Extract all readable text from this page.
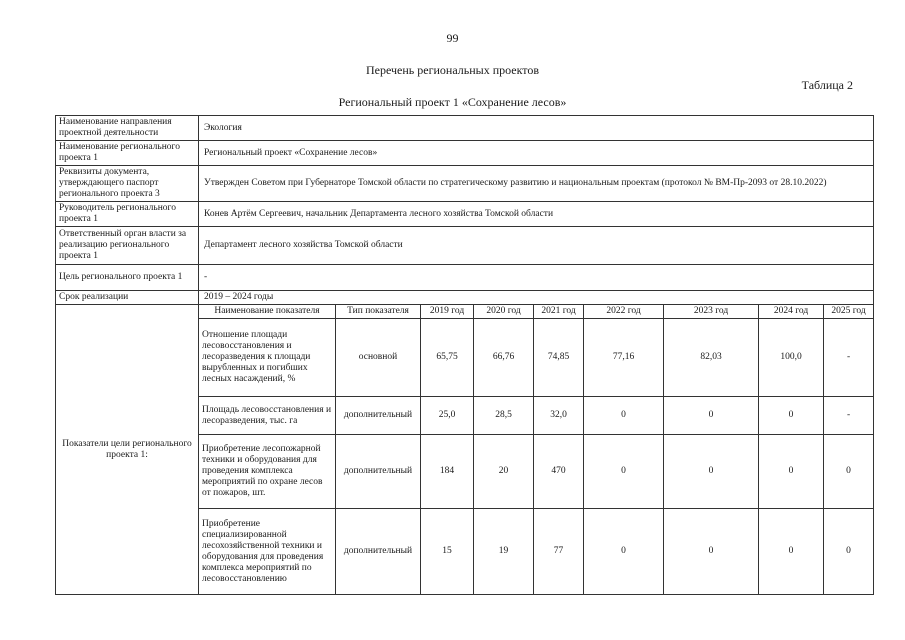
99
Перечень региональных проектов
Таблица 2
Региональный проект 1 «Сохранение лесов»
Наименование направления проектной деятельности	Экология								
Наименование регионального проекта 1	Региональный проект «Сохранение лесов»								
Реквизиты документа, утверждающего паспорт регионального проекта 3	Утвержден Советом при Губернаторе Томской области по стратегическому развитию и национальным проектам (протокол № ВМ-Пр-2093 от 28.10.2022)								
Руководитель регионального проекта 1	Конев Артём Сергеевич, начальник Департамента лесного хозяйства Томской области								
Ответственный орган власти за реализацию регионального проекта 1	Департамент лесного хозяйства Томской области								
Цель регионального проекта 1	-								
Срок реализации	2019 – 2024 годы								
Показатели цели регионального проекта 1:	Наименование показателя	Тип показателя	2019 год	2020 год	2021 год	2022 год	2023 год	2024 год	2025 год
	Отношение площади лесовосстановления и лесоразведения к площади вырубленных и погибших лесных насаждений, %	основной	65,75	66,76	74,85	77,16	82,03	100,0	-
	Площадь лесовосстановления и лесоразведения, тыс. га	дополнительный	25,0	28,5	32,0	0	0	0	-
	Приобретение лесопожарной техники и оборудования для проведения комплекса мероприятий по охране лесов от пожаров, шт.	дополнительный	184	20	470	0	0	0	0
	Приобретение специализированной лесохозяйственной техники и оборудования для проведения комплекса мероприятий по лесовосстановлению	дополнительный	15	19	77	0	0	0	0
